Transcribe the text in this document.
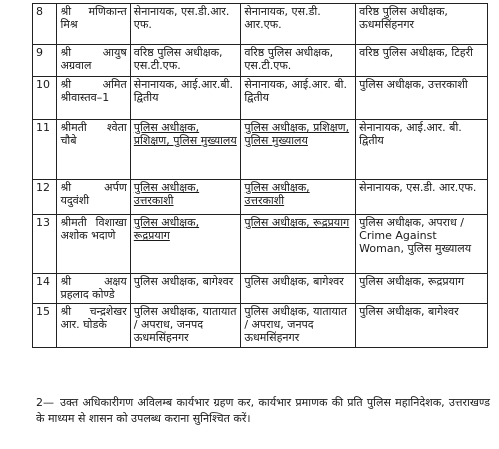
8	श्री मणिकान्त मिश्र	सेनानायक, एस.डी.आर. एफ.	सेनानायक, एस.डी. आर.एफ.	वरिष्ठ पुलिस अधीक्षक, ऊधमसिंहनगर
9	श्री आयुष अग्रवाल	वरिष्ठ पुलिस अधीक्षक, एस.टी.एफ.	वरिष्ठ पुलिस अधीक्षक, एस.टी.एफ.	वरिष्ठ पुलिस अधीक्षक, टिहरी
10	श्री अमित श्रीवास्तव–1	सेनानायक, आई.आर.बी. द्वितीय	सेनानायक, आई.आर. बी. द्वितीय	पुलिस अधीक्षक, उत्तरकाशी
11	श्रीमती श्वेता चौबे	पुलिस अधीक्षक, प्रशिक्षण, पुलिस मुख्यालय	पुलिस अधीक्षक, प्रशिक्षण, पुलिस मुख्यालय	सेनानायक, आई.आर. बी. द्वितीय
12	श्री अर्पण यदुवंशी	पुलिस अधीक्षक, उत्तरकाशी	पुलिस अधीक्षक, उत्तरकाशी	सेनानायक, एस.डी. आर.एफ.
13	श्रीमती विशाखा अशोक भदाणे	पुलिस अधीक्षक, रूद्रप्रयाग	पुलिस अधीक्षक, रूद्रप्रयाग	पुलिस अधीक्षक, अपराध / Crime Against Woman, पुलिस मुख्यालय
14	श्री अक्षय प्रहलाद कोण्डे	पुलिस अधीक्षक, बागेश्वर	पुलिस अधीक्षक, बागेश्वर	पुलिस अधीक्षक, रूद्रप्रयाग
15	श्री चन्द्रशेखर आर. घोडके	पुलिस अधीक्षक, यातायात / अपराध, जनपद ऊधमसिंहनगर	पुलिस अधीक्षक, यातायात / अपराध, जनपद ऊधमसिंहनगर	पुलिस अधीक्षक, बागेश्वर
2— उक्त अधिकारीगण अविलम्ब कार्यभार ग्रहण कर, कार्यभार प्रमाणक की प्रति पुलिस महानिदेशक, उत्तराखण्ड के माध्यम से शासन को उपलब्ध कराना सुनिश्चित करें।
